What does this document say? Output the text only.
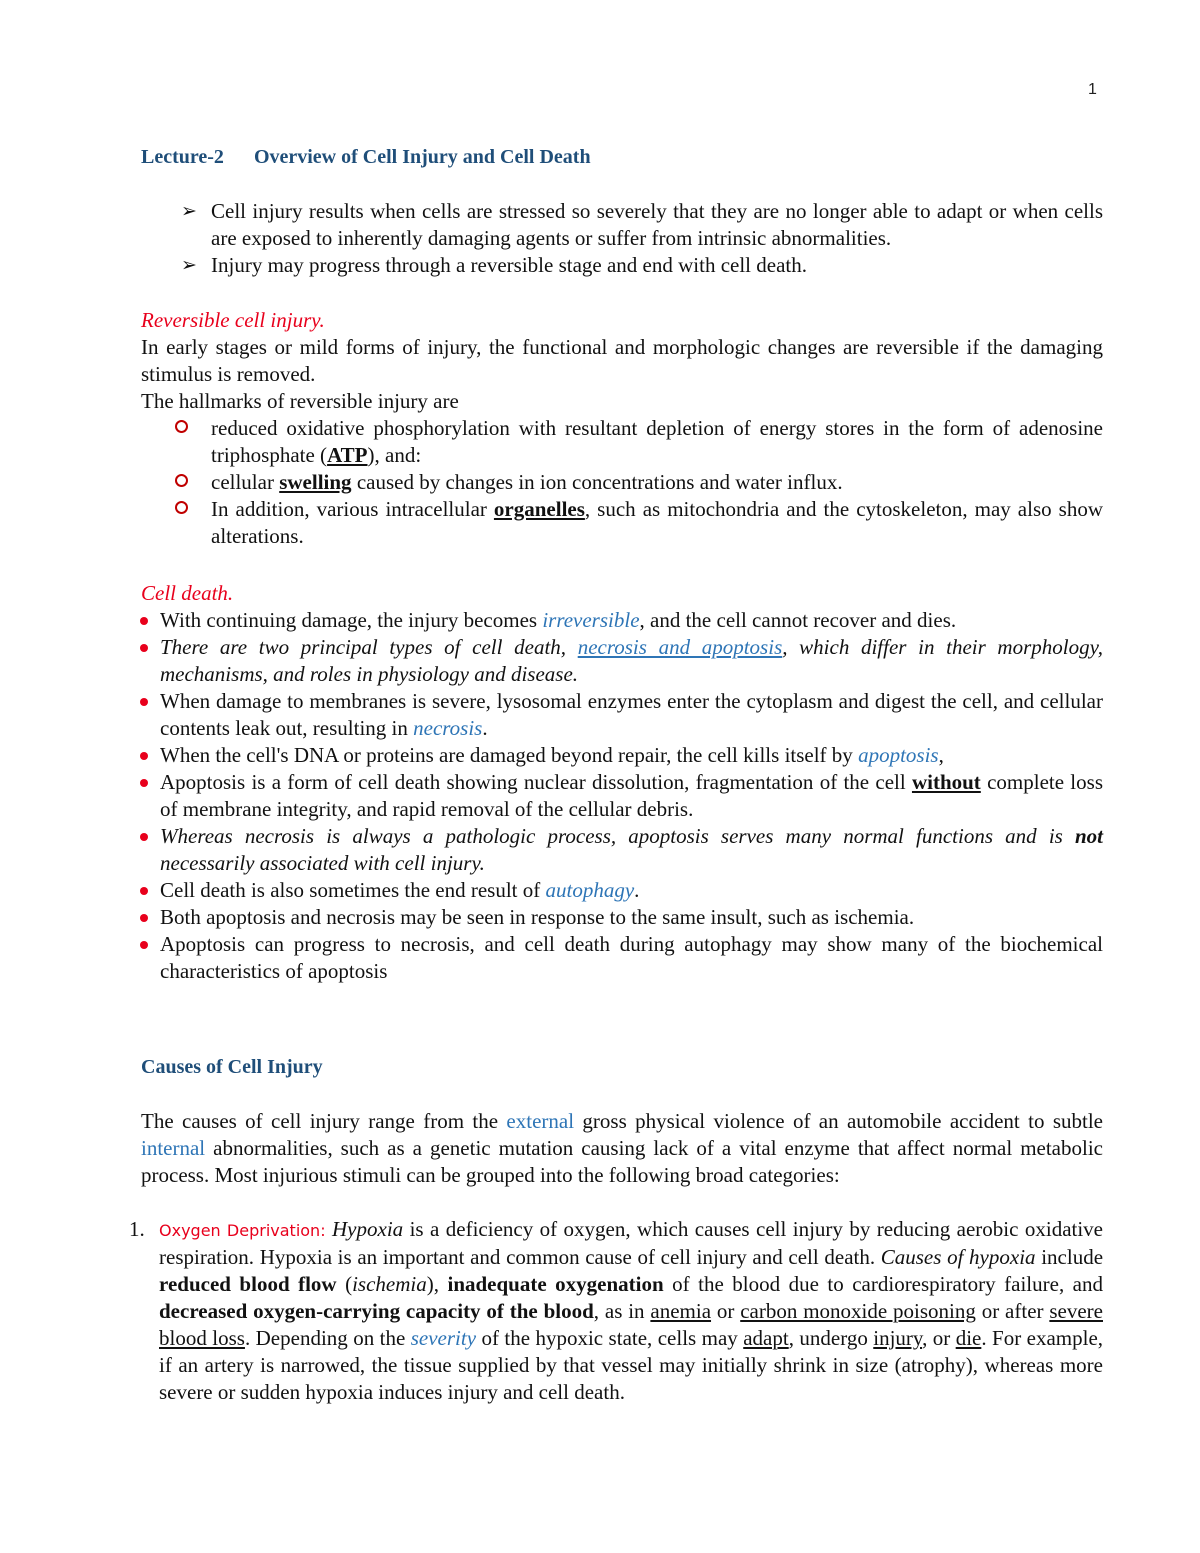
1
Lecture-2 Overview of Cell Injury and Cell Death
➢ Cell injury results when cells are stressed so severely that they are no longer able to adapt or when cells are exposed to inherently damaging agents or suffer from intrinsic abnormalities.
➢ Injury may progress through a reversible stage and end with cell death.
Reversible cell injury.
In early stages or mild forms of injury, the functional and morphologic changes are reversible if the damaging stimulus is removed.
The hallmarks of reversible injury are
reduced oxidative phosphorylation with resultant depletion of energy stores in the form of adenosine triphosphate (ATP), and:
cellular swelling caused by changes in ion concentrations and water influx.
In addition, various intracellular organelles, such as mitochondria and the cytoskeleton, may also show alterations.
Cell death.
With continuing damage, the injury becomes irreversible, and the cell cannot recover and dies.
There are two principal types of cell death, necrosis and apoptosis, which differ in their morphology, mechanisms, and roles in physiology and disease.
When damage to membranes is severe, lysosomal enzymes enter the cytoplasm and digest the cell, and cellular contents leak out, resulting in necrosis.
When the cell's DNA or proteins are damaged beyond repair, the cell kills itself by apoptosis,
Apoptosis is a form of cell death showing nuclear dissolution, fragmentation of the cell without complete loss of membrane integrity, and rapid removal of the cellular debris.
Whereas necrosis is always a pathologic process, apoptosis serves many normal functions and is not necessarily associated with cell injury.
Cell death is also sometimes the end result of autophagy.
Both apoptosis and necrosis may be seen in response to the same insult, such as ischemia.
Apoptosis can progress to necrosis, and cell death during autophagy may show many of the biochemical characteristics of apoptosis
Causes of Cell Injury
The causes of cell injury range from the external gross physical violence of an automobile accident to subtle internal abnormalities, such as a genetic mutation causing lack of a vital enzyme that affect normal metabolic process. Most injurious stimuli can be grouped into the following broad categories:
1. Oxygen Deprivation: Hypoxia is a deficiency of oxygen, which causes cell injury by reducing aerobic oxidative respiration. Hypoxia is an important and common cause of cell injury and cell death. Causes of hypoxia include reduced blood flow (ischemia), inadequate oxygenation of the blood due to cardiorespiratory failure, and decreased oxygen-carrying capacity of the blood, as in anemia or carbon monoxide poisoning or after severe blood loss. Depending on the severity of the hypoxic state, cells may adapt, undergo injury, or die. For example, if an artery is narrowed, the tissue supplied by that vessel may initially shrink in size (atrophy), whereas more severe or sudden hypoxia induces injury and cell death.
